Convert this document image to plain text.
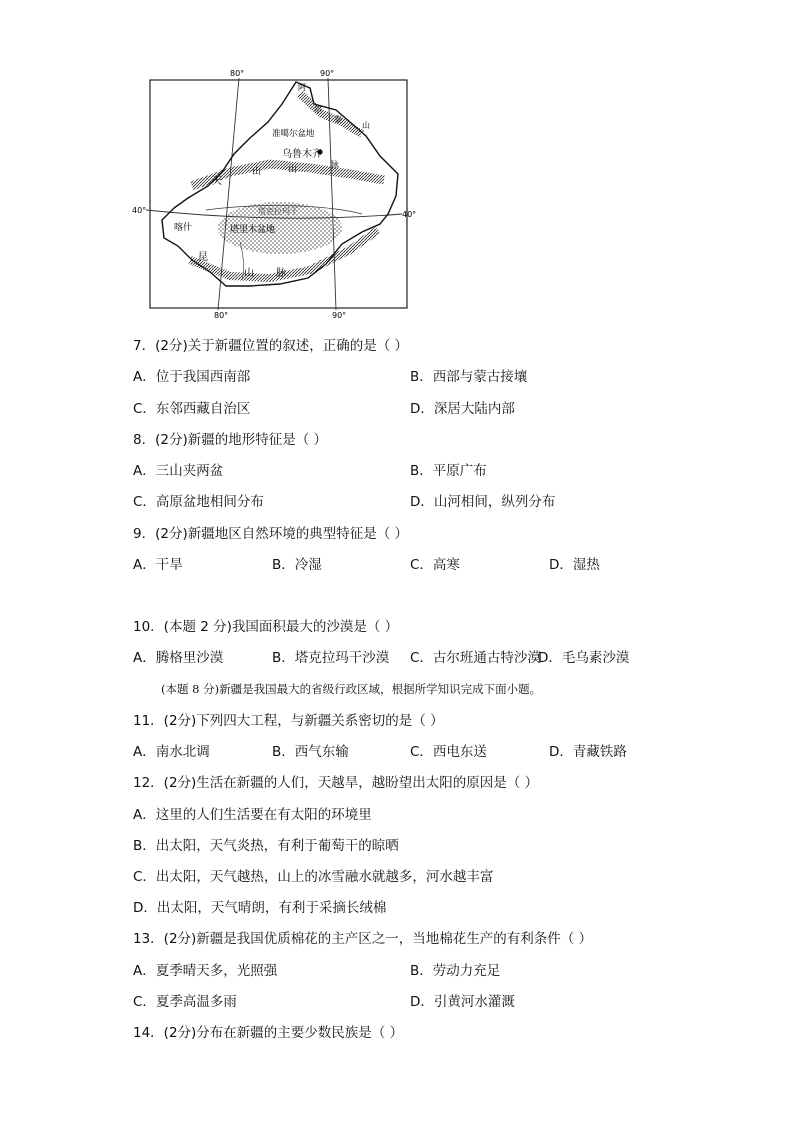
80°	90°
80°	90°
40°	40°
准噶尔盆地
乌鲁木齐
阿
尔
泰
山
天
山	山	脉
塔克拉玛干
塔里木盆地
喀什
昆
山 脉
7．(2分)关于新疆位置的叙述，正确的是（ ）
A．位于我国西南部	B．西部与蒙古接壤
C．东邻西藏自治区	D．深居大陆内部
8．(2分)新疆的地形特征是（ ）
A．三山夹两盆	B．平原广布
C．高原盆地相间分布	D．山河相间，纵列分布
9．(2分)新疆地区自然环境的典型特征是（ ）
A．干旱	B．冷湿	C．高寒	D．湿热
10．(本题 2 分)我国面积最大的沙漠是（ ）
A．腾格里沙漠	B．塔克拉玛干沙漠 C．古尔班通古特沙漠
D．毛乌素沙漠
(本题 8 分)新疆是我国最大的省级行政区域，根据所学知识完成下面小题。
11．(2分)下列四大工程，与新疆关系密切的是（ ）
A．南水北调	B．西气东输	C．西电东送	D．青藏铁路
12．(2分)生活在新疆的人们，天越旱，越盼望出太阳的原因是（ ）
A．这里的人们生活要在有太阳的环境里
B．出太阳，天气炎热，有利于葡萄干的晾晒
C．出太阳，天气越热，山上的冰雪融水就越多，河水越丰富
D．出太阳，天气晴朗，有利于采摘长绒棉
13．(2分)新疆是我国优质棉花的主产区之一，当地棉花生产的有利条件（ ）
A．夏季晴天多，光照强	B．劳动力充足
C．夏季高温多雨	D．引黄河水灌溉
14．(2分)分布在新疆的主要少数民族是（ ）
